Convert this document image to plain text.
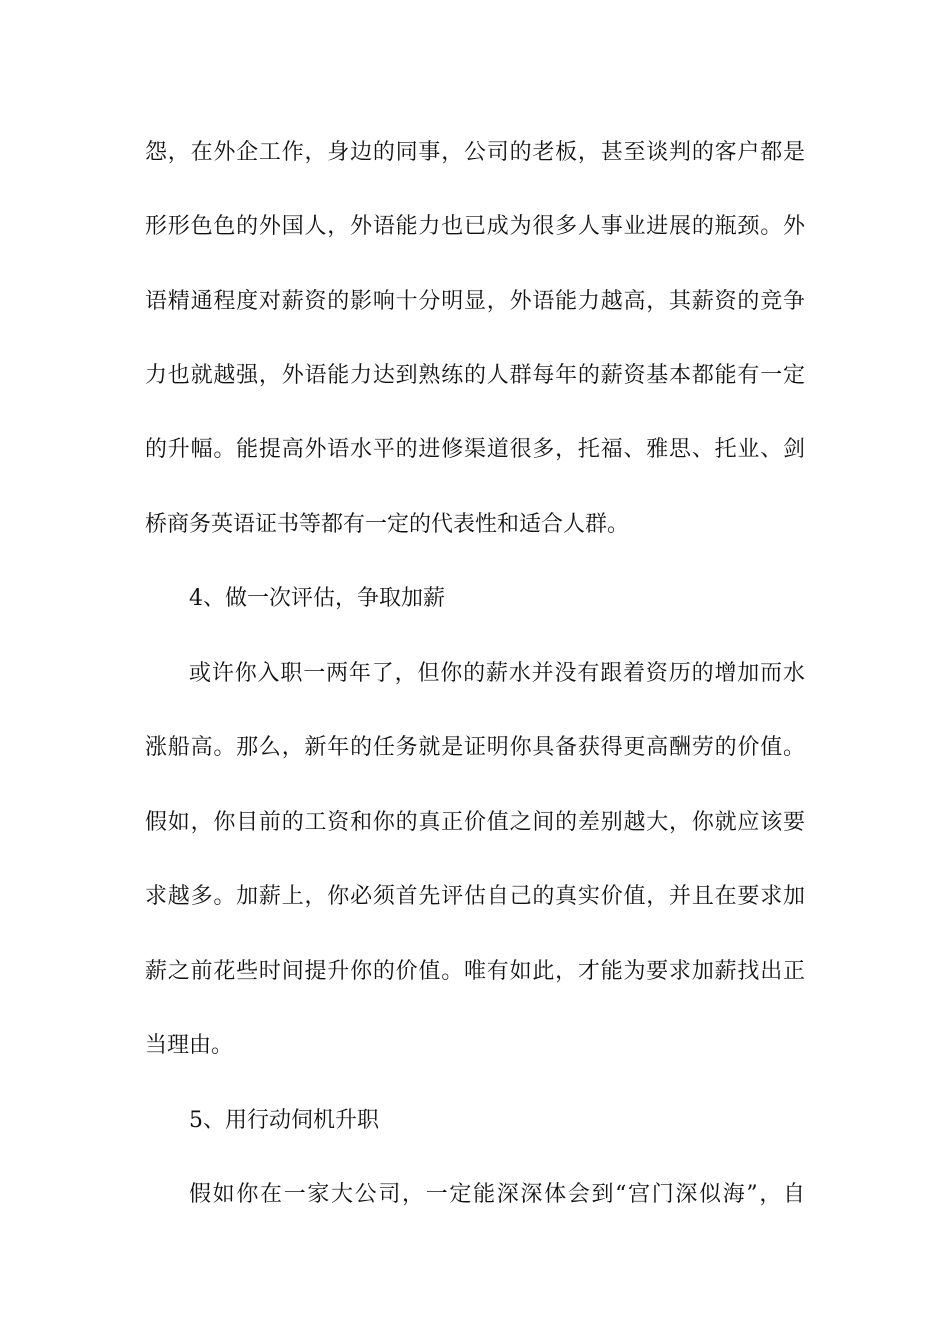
怨，在外企工作，身边的同事，公司的老板，甚至谈判的客户都是
形形色色的外国人，外语能力也已成为很多人事业进展的瓶颈。外
语精通程度对薪资的影响十分明显，外语能力越高，其薪资的竞争
力也就越强，外语能力达到熟练的人群每年的薪资基本都能有一定
的升幅。能提高外语水平的进修渠道很多，托福、雅思、托业、剑
桥商务英语证书等都有一定的代表性和适合人群。
4、做一次评估，争取加薪
或许你入职一两年了，但你的薪水并没有跟着资历的增加而水
涨船高。那么，新年的任务就是证明你具备获得更高酬劳的价值。
假如，你目前的工资和你的真正价值之间的差别越大，你就应该要
求越多。加薪上，你必须首先评估自己的真实价值，并且在要求加
薪之前花些时间提升你的价值。唯有如此，才能为要求加薪找出正
当理由。
5、用行动伺机升职
假如你在一家大公司，一定能深深体会到“宫门深似海”，自
